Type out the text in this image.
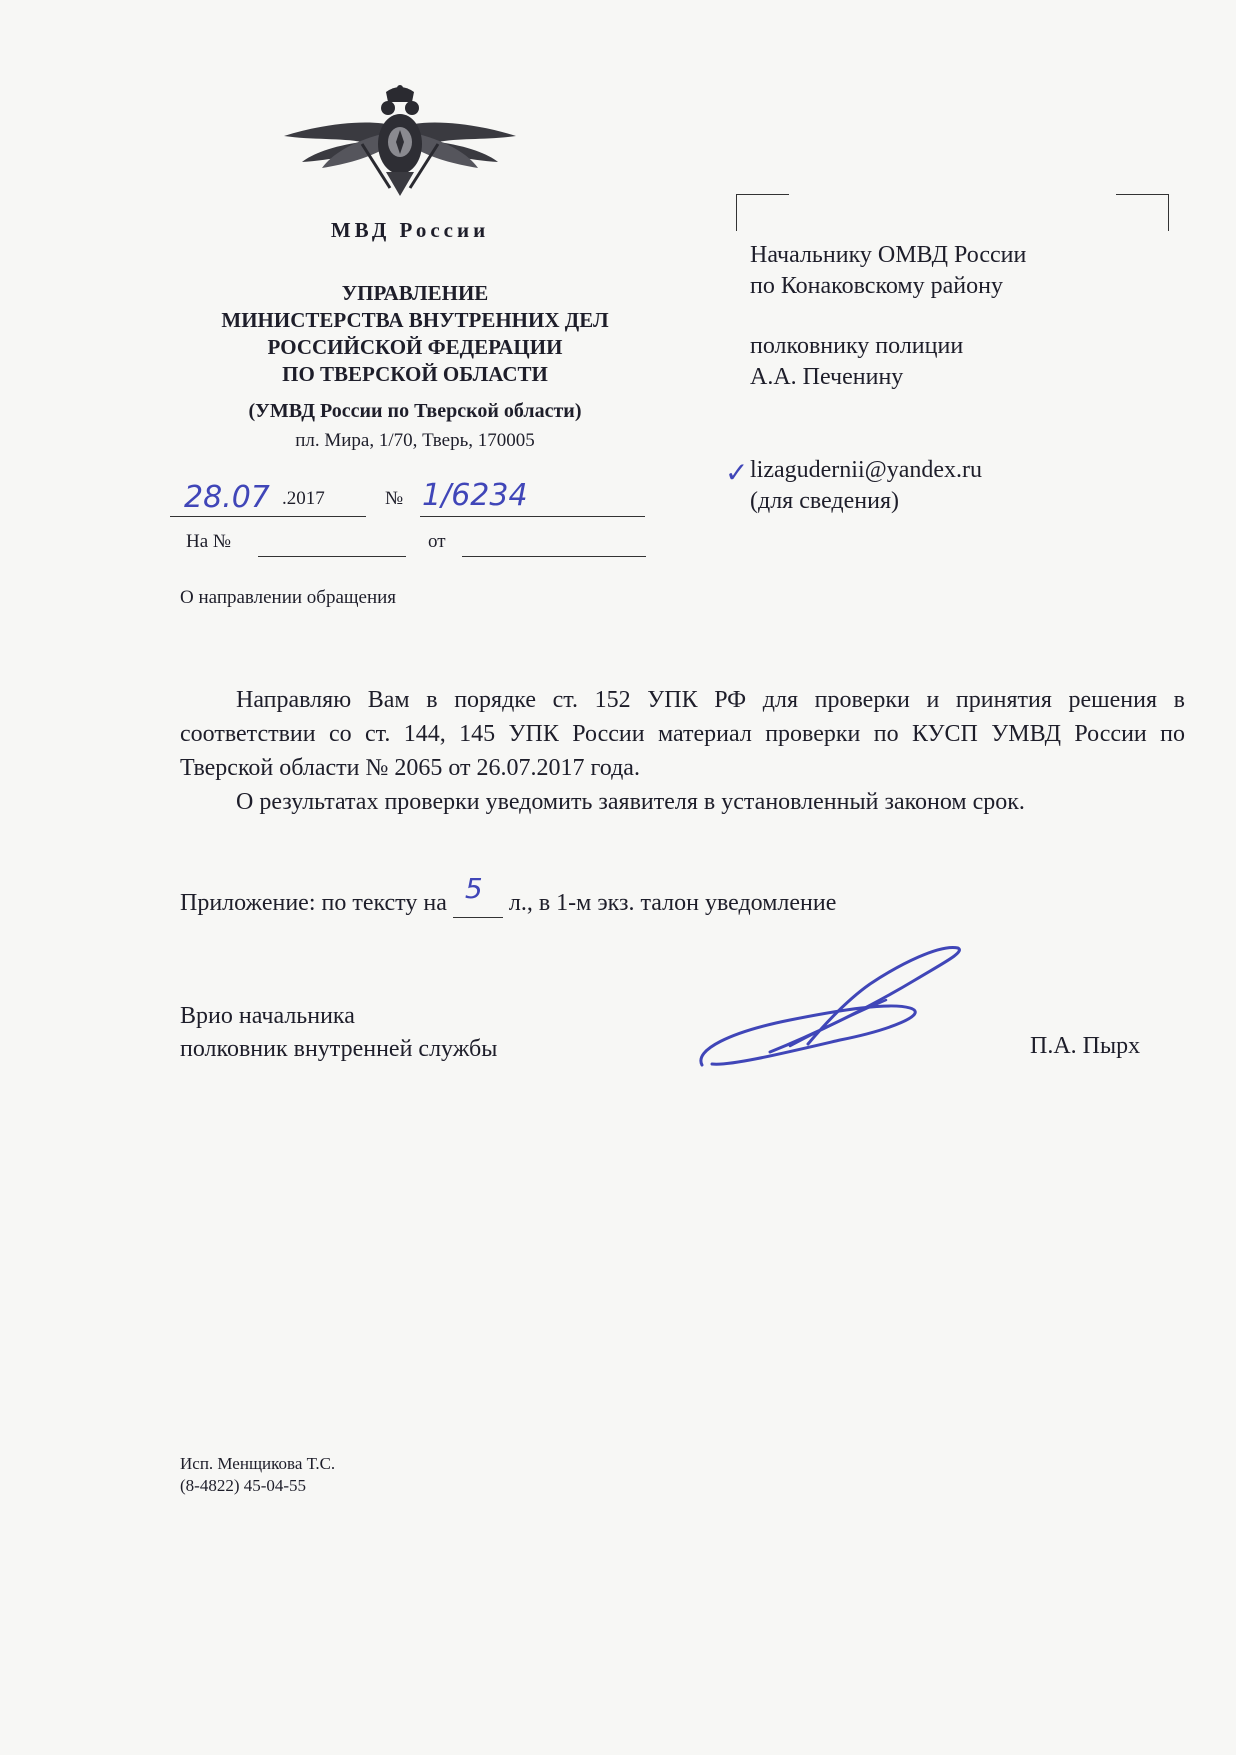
МВД России
УПРАВЛЕНИЕ
МИНИСТЕРСТВА ВНУТРЕННИХ ДЕЛ
РОССИЙСКОЙ ФЕДЕРАЦИИ
ПО ТВЕРСКОЙ ОБЛАСТИ
(УМВД России по Тверской области)
пл. Мира, 1/70, Тверь, 170005
28.07 .2017	№ 1/6234
На №	от
Начальнику ОМВД России
по Конаковскому району
полковнику полиции
А.А. Печенину
✓ lizagudernii@yandex.ru
(для сведения)
О направлении обращения

Направляю Вам в порядке ст. 152 УПК РФ для проверки и принятия решения в соответствии со ст. 144, 145 УПК России материал проверки по КУСП УМВД России по Тверской области № 2065 от 26.07.2017 года.

О результатах проверки уведомить заявителя в установленный законом срок.

Приложение: по тексту на 5 л., в 1-м экз. талон уведомление
Врио начальника
полковник внутренней службы	П.А. Пырх
Исп. Менщикова Т.С.
(8-4822) 45-04-55
